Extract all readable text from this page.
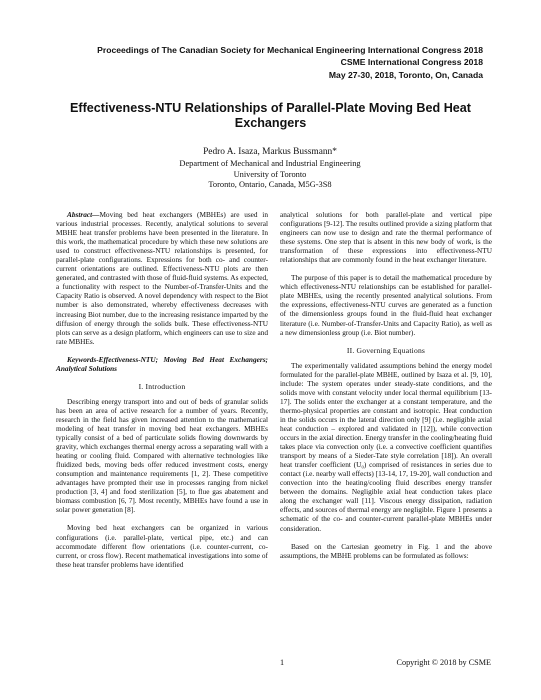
Proceedings of The Canadian Society for Mechanical Engineering International Congress 2018
CSME International Congress 2018
May 27-30, 2018, Toronto, On, Canada
Effectiveness-NTU Relationships of Parallel-Plate Moving Bed Heat
Exchangers
Pedro A. Isaza, Markus Bussmann*
Department of Mechanical and Industrial Engineering
University of Toronto
Toronto, Ontario, Canada, M5G-3S8

Abstract—Moving bed heat exchangers (MBHEs) are used in various industrial processes. Recently, analytical solutions to several MBHE heat transfer problems have been presented in the literature. In this work, the mathematical procedure by which these new solutions are used to construct effectiveness-NTU relationships is presented, for parallel-plate configurations. Expressions for both co- and counter-current orientations are outlined. Effectiveness-NTU plots are then generated, and contrasted with those of fluid-fluid systems. As expected, a functionality with respect to the Number-of-Transfer-Units and the Capacity Ratio is observed. A novel dependency with respect to the Biot number is also demonstrated, whereby effectiveness decreases with increasing Biot number, due to the increasing resistance imparted by the diffusion of energy through the solids bulk. These effectiveness-NTU plots can serve as a design platform, which engineers can use to size and rate MBHEs.

Keywords-Effectiveness-NTU; Moving Bed Heat Exchangers; Analytical Solutions

I. Introduction

Describing energy transport into and out of beds of granular solids has been an area of active research for a number of years. Recently, research in the field has given increased attention to the mathematical modeling of heat transfer in moving bed heat exchangers. MBHEs typically consist of a bed of particulate solids flowing downwards by gravity, which exchanges thermal energy across a separating wall with a heating or cooling fluid. Compared with alternative technologies like fluidized beds, moving beds offer reduced investment costs, energy consumption and maintenance requirements [1, 2]. These competitive advantages have prompted their use in processes ranging from nickel production [3, 4] and food sterilization [5], to flue gas abatement and biomass combustion [6, 7]. Most recently, MBHEs have found a use in solar power generation [8].

Moving bed heat exchangers can be organized in various configurations (i.e. parallel-plate, vertical pipe, etc.) and can accommodate different flow orientations (i.e. counter-current, co-current, or cross flow). Recent mathematical investigations into some of these heat transfer problems have identified

analytical solutions for both parallel-plate and vertical pipe configurations [9-12]. The results outlined provide a sizing platform that engineers can now use to design and rate the thermal performance of these systems. One step that is absent in this new body of work, is the transformation of these expressions into effectiveness-NTU relationships that are commonly found in the heat exchanger literature.

The purpose of this paper is to detail the mathematical procedure by which effectiveness-NTU relationships can be established for parallel-plate MBHEs, using the recently presented analytical solutions. From the expressions, effectiveness-NTU curves are generated as a function of the dimensionless groups found in the fluid-fluid heat exchanger literature (i.e. Number-of-Transfer-Units and Capacity Ratio), as well as a new dimensionless group (i.e. Biot number).

II. Governing Equations

The experimentally validated assumptions behind the energy model formulated for the parallel-plate MBHE, outlined by Isaza et al. [9, 10], include: The system operates under steady-state conditions, and the solids move with constant velocity under local thermal equilibrium [13-17]. The solids enter the exchanger at a constant temperature, and the thermo-physical properties are constant and isotropic. Heat conduction in the solids occurs in the lateral direction only [9] (i.e. negligible axial heat conduction – explored and validated in [12]), while convection occurs in the axial direction. Energy transfer in the cooling/heating fluid takes place via convection only (i.e. a convective coefficient quantifies transport by means of a Sieder-Tate style correlation [18]). An overall heat transfer coefficient (U₀) comprised of resistances in series due to contact (i.e. nearby wall effects) [13-14, 17, 19-20], wall conduction and convection into the heating/cooling fluid describes energy transfer between the domains. Negligible axial heat conduction takes place along the exchanger wall [11]. Viscous energy dissipation, radiation effects, and sources of thermal energy are negligible. Figure 1 presents a schematic of the co- and counter-current parallel-plate MBHEs under consideration.

Based on the Cartesian geometry in Fig. 1 and the above assumptions, the MBHE problems can be formulated as follows:

1	Copyright © 2018 by CSME
